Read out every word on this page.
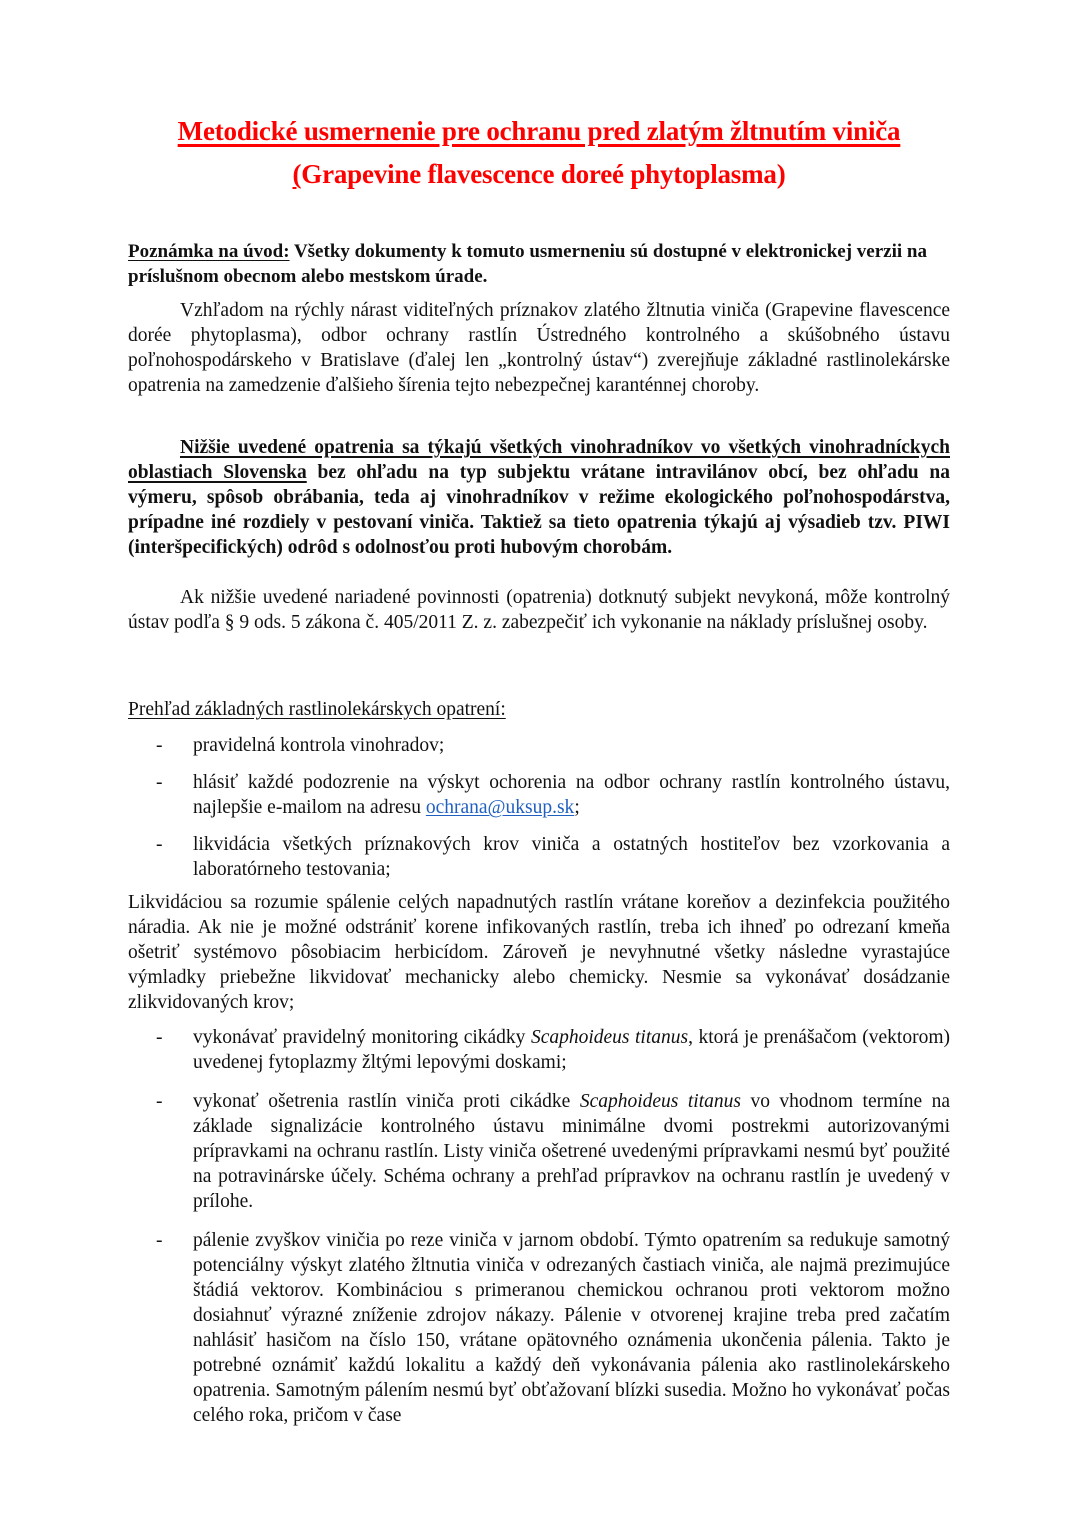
Metodické usmernenie pre ochranu pred zlatým žltnutím viniča
(Grapevine flavescence doreé phytoplasma)
Poznámka na úvod: Všetky dokumenty k tomuto usmerneniu sú dostupné v elektronickej verzii na príslušnom obecnom alebo mestskom úrade.
Vzhľadom na rýchly nárast viditeľných príznakov zlatého žltnutia viniča (Grapevine flavescence dorée phytoplasma), odbor ochrany rastlín Ústredného kontrolného a skúšobného ústavu poľnohospodárskeho v Bratislave (ďalej len „kontrolný ústav“) zverejňuje základné rastlinolekárske opatrenia na zamedzenie ďalšieho šírenia tejto nebezpečnej karanténnej choroby.
Nižšie uvedené opatrenia sa týkajú všetkých vinohradníkov vo všetkých vinohradníckych oblastiach Slovenska bez ohľadu na typ subjektu vrátane intravilánov obcí, bez ohľadu na výmeru, spôsob obrábania, teda aj vinohradníkov v režime ekologického poľnohospodárstva, prípadne iné rozdiely v pestovaní viniča. Taktiež sa tieto opatrenia týkajú aj výsadieb tzv. PIWI (interšpecifických) odrôd s odolnosťou proti hubovým chorobám.
Ak nižšie uvedené nariadené povinnosti (opatrenia) dotknutý subjekt nevykoná, môže kontrolný ústav podľa § 9 ods. 5 zákona č. 405/2011 Z. z. zabezpečiť ich vykonanie na náklady príslušnej osoby.
Prehľad základných rastlinolekárskych opatrení:
- pravidelná kontrola vinohradov;
- hlásiť každé podozrenie na výskyt ochorenia na odbor ochrany rastlín kontrolného ústavu, najlepšie e-mailom na adresu ochrana@uksup.sk;
- likvidácia všetkých príznakových krov viniča a ostatných hostiteľov bez vzorkovania a laboratórneho testovania;
Likvidáciou sa rozumie spálenie celých napadnutých rastlín vrátane koreňov a dezinfekcia použitého náradia. Ak nie je možné odstrániť korene infikovaných rastlín, treba ich ihneď po odrezaní kmeňa ošetriť systémovo pôsobiacim herbicídom. Zároveň je nevyhnutné všetky následne vyrastajúce výmladky priebežne likvidovať mechanicky alebo chemicky. Nesmie sa vykonávať dosádzanie zlikvidovaných krov;
- vykonávať pravidelný monitoring cikádky Scaphoideus titanus, ktorá je prenášačom (vektorom) uvedenej fytoplazmy žltými lepovými doskami;
- vykonať ošetrenia rastlín viniča proti cikádke Scaphoideus titanus vo vhodnom termíne na základe signalizácie kontrolného ústavu minimálne dvomi postrekmi autorizovanými prípravkami na ochranu rastlín. Listy viniča ošetrené uvedenými prípravkami nesmú byť použité na potravinárske účely. Schéma ochrany a prehľad prípravkov na ochranu rastlín je uvedený v prílohe.
- pálenie zvyškov viničia po reze viniča v jarnom období. Týmto opatrením sa redukuje samotný potenciálny výskyt zlatého žltnutia viniča v odrezaných častiach viniča, ale najmä prezimujúce štádiá vektorov. Kombináciou s primeranou chemickou ochranou proti vektorom možno dosiahnuť výrazné zníženie zdrojov nákazy. Pálenie v otvorenej krajine treba pred začatím nahlásiť hasičom na číslo 150, vrátane opätovného oznámenia ukončenia pálenia. Takto je potrebné oznámiť každú lokalitu a každý deň vykonávania pálenia ako rastlinolekárskeho opatrenia. Samotným pálením nesmú byť obťažovaní blízki susedia. Možno ho vykonávať počas celého roka, pričom v čase
